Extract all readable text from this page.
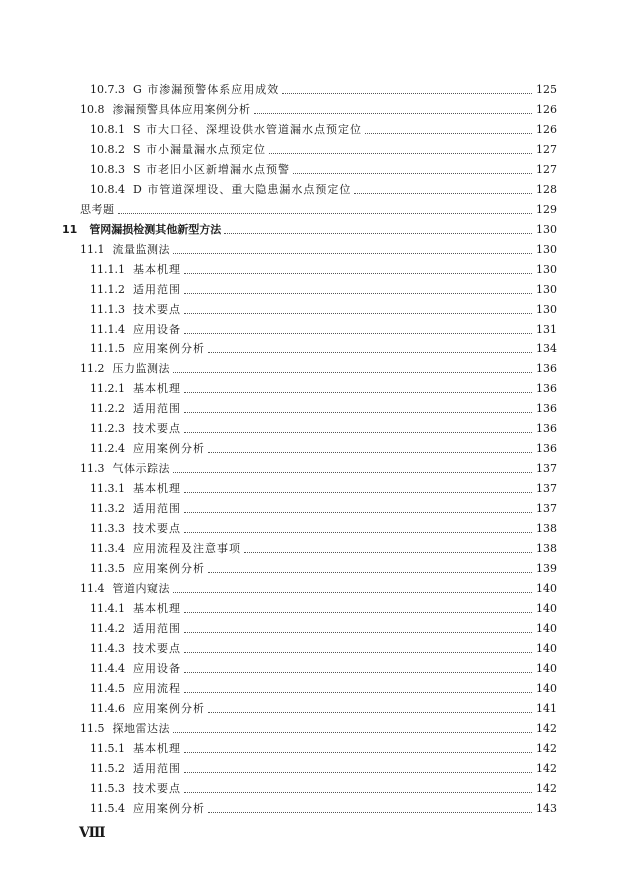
10.7.3 G 市渗漏预警体系应用成效	125
10.8 渗漏预警具体应用案例分析	126
10.8.1 S 市大口径、深埋设供水管道漏水点预定位	126
10.8.2 S 市小漏量漏水点预定位	127
10.8.3 S 市老旧小区新增漏水点预警	127
10.8.4 D 市管道深埋设、重大隐患漏水点预定位	128
思考题	129
11 管网漏损检测其他新型方法	130
11.1 流量监测法	130
11.1.1 基本机理	130
11.1.2 适用范围	130
11.1.3 技术要点	130
11.1.4 应用设备	131
11.1.5 应用案例分析	134
11.2 压力监测法	136
11.2.1 基本机理	136
11.2.2 适用范围	136
11.2.3 技术要点	136
11.2.4 应用案例分析	136
11.3 气体示踪法	137
11.3.1 基本机理	137
11.3.2 适用范围	137
11.3.3 技术要点	138
11.3.4 应用流程及注意事项	138
11.3.5 应用案例分析	139
11.4 管道内窥法	140
11.4.1 基本机理	140
11.4.2 适用范围	140
11.4.3 技术要点	140
11.4.4 应用设备	140
11.4.5 应用流程	140
11.4.6 应用案例分析	141
11.5 探地雷达法	142
11.5.1 基本机理	142
11.5.2 适用范围	142
11.5.3 技术要点	142
11.5.4 应用案例分析	143
Ⅷ
